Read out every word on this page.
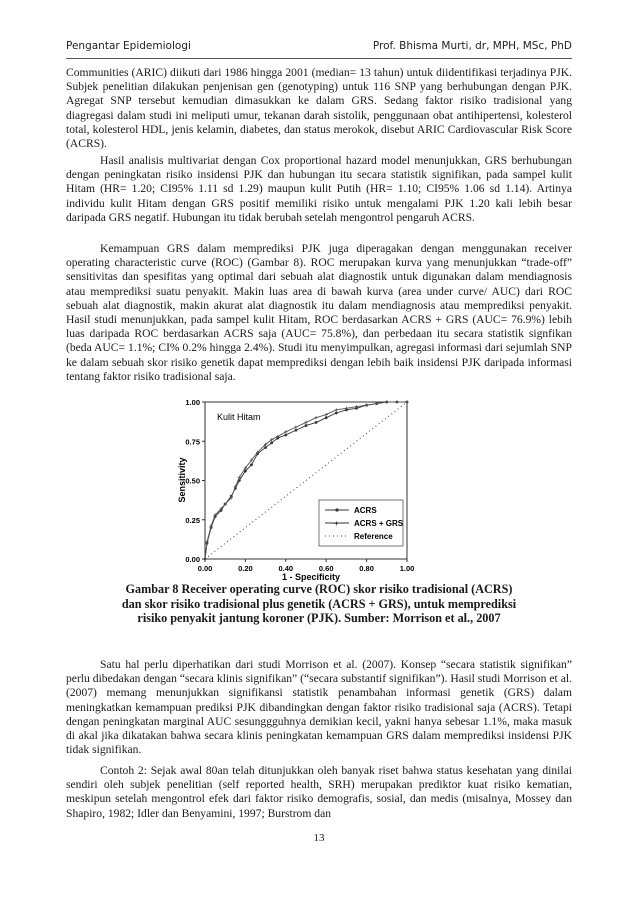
Pengantar Epidemiologi	Prof. Bhisma Murti, dr, MPH, MSc, PhD

Communities (ARIC) diikuti dari 1986 hingga 2001 (median= 13 tahun) untuk diidentifikasi terjadinya PJK. Subjek penelitian dilakukan penjenisan gen (genotyping) untuk 116 SNP yang berhubungan dengan PJK. Agregat SNP tersebut kemudian dimasukkan ke dalam GRS. Sedang faktor risiko tradisional yang diagregasi dalam studi ini meliputi umur, tekanan darah sistolik, penggunaan obat antihipertensi, kolesterol total, kolesterol HDL, jenis kelamin, diabetes, dan status merokok, disebut ARIC Cardiovascular Risk Score (ACRS).

Hasil analisis multivariat dengan Cox proportional hazard model menunjukkan, GRS berhubungan dengan peningkatan risiko insidensi PJK dan hubungan itu secara statistik signifikan, pada sampel kulit Hitam (HR= 1.20; CI95% 1.11 sd 1.29) maupun kulit Putih (HR= 1.10; CI95% 1.06 sd 1.14). Artinya individu kulit Hitam dengan GRS positif memiliki risiko untuk mengalami PJK 1.20 kali lebih besar daripada GRS negatif. Hubungan itu tidak berubah setelah mengontrol pengaruh ACRS.

Kemampuan GRS dalam memprediksi PJK juga diperagakan dengan menggunakan receiver operating characteristic curve (ROC) (Gambar 8). ROC merupakan kurva yang menunjukkan “trade-off” sensitivitas dan spesifitas yang optimal dari sebuah alat diagnostik untuk digunakan dalam mendiagnosis atau memprediksi suatu penyakit. Makin luas area di bawah kurva (area under curve/ AUC) dari ROC sebuah alat diagnostik, makin akurat alat diagnostik itu dalam mendiagnosis atau memprediksi penyakit. Hasil studi menunjukkan, pada sampel kulit Hitam, ROC berdasarkan ACRS + GRS (AUC= 76.9%) lebih luas daripada ROC berdasarkan ACRS saja (AUC= 75.8%), dan perbedaan itu secara statistik signfikan (beda AUC= 1.1%; CI% 0.2% hingga 2.4%). Studi itu menyimpulkan, agregasi informasi dari sejumlah SNP ke dalam sebuah skor risiko genetik dapat memprediksi dengan lebih baik insidensi PJK daripada informasi tentang faktor risiko tradisional saja.

0.00
0.25
0.50
0.75
1.00
0.00	0.20	0.40	0.60	0.80	1.00
Sensitivity
1 - Specificity
Kulit Hitam
ACRS
+ ACRS + GRS
Reference
Gambar 8 Receiver operating curve (ROC) skor risiko tradisional (ACRS) dan skor risiko tradisional plus genetik (ACRS + GRS), untuk memprediksi risiko penyakit jantung koroner (PJK). Sumber: Morrison et al., 2007

Satu hal perlu diperhatikan dari studi Morrison et al. (2007). Konsep “secara statistik signifikan” perlu dibedakan dengan “secara klinis signifikan” (“secara substantif signifikan”). Hasil studi Morrison et al. (2007) memang menunjukkan signifikansi statistik penambahan informasi genetik (GRS) dalam meningkatkan kemampuan prediksi PJK dibandingkan dengan faktor risiko tradisional saja (ACRS). Tetapi dengan peningkatan marginal AUC sesunggguhnya demikian kecil, yakni hanya sebesar 1.1%, maka masuk di akal jika dikatakan bahwa secara klinis peningkatan kemampuan GRS dalam memprediksi insidensi PJK tidak signifikan.

Contoh 2: Sejak awal 80an telah ditunjukkan oleh banyak riset bahwa status kesehatan yang dinilai sendiri oleh subjek penelitian (self reported health, SRH) merupakan prediktor kuat risiko kematian, meskipun setelah mengontrol efek dari faktor risiko demografis, sosial, dan medis (misalnya, Mossey dan Shapiro, 1982; Idler dan Benyamini, 1997; Burstrom dan

13
